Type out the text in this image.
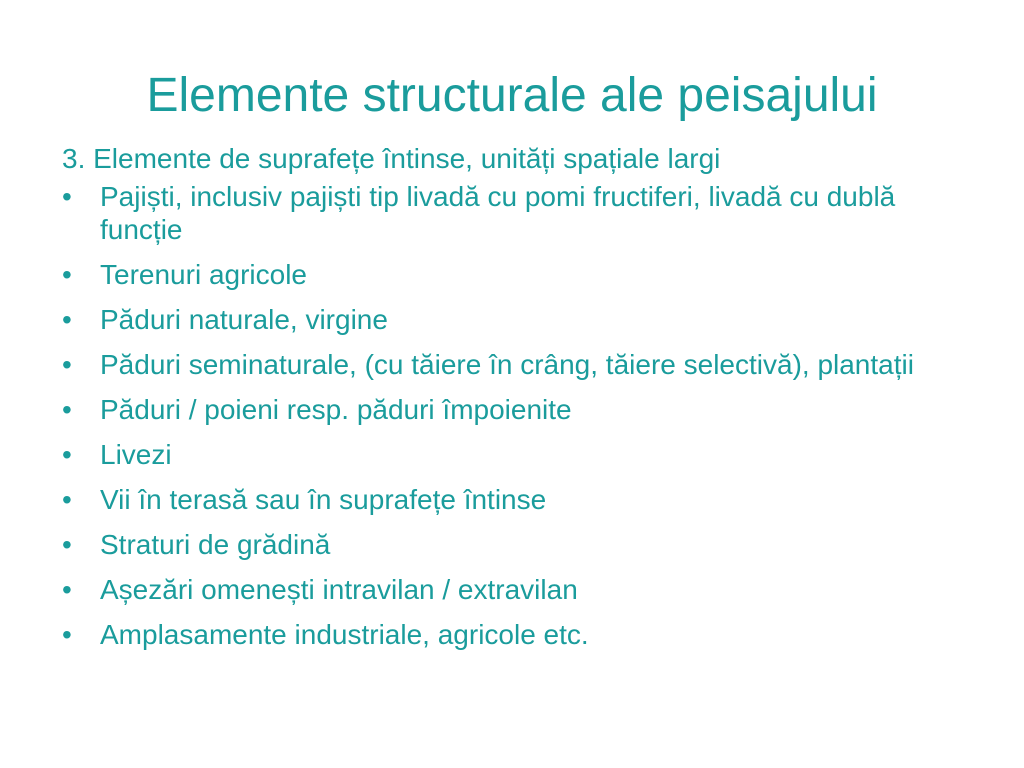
Elemente structurale ale peisajului

3. Elemente de suprafețe întinse, unități spațiale largi

• Pajiști, inclusiv pajiști tip livadă cu pomi fructiferi, livadă cu dublă funcție
• Terenuri agricole
• Păduri naturale, virgine
• Păduri seminaturale, (cu tăiere în crâng, tăiere selectivă), plantații
• Păduri / poieni resp. păduri împoienite
• Livezi
• Vii în terasă sau în suprafețe întinse
• Straturi de grădină
• Așezări omenești intravilan / extravilan
• Amplasamente industriale, agricole etc.
